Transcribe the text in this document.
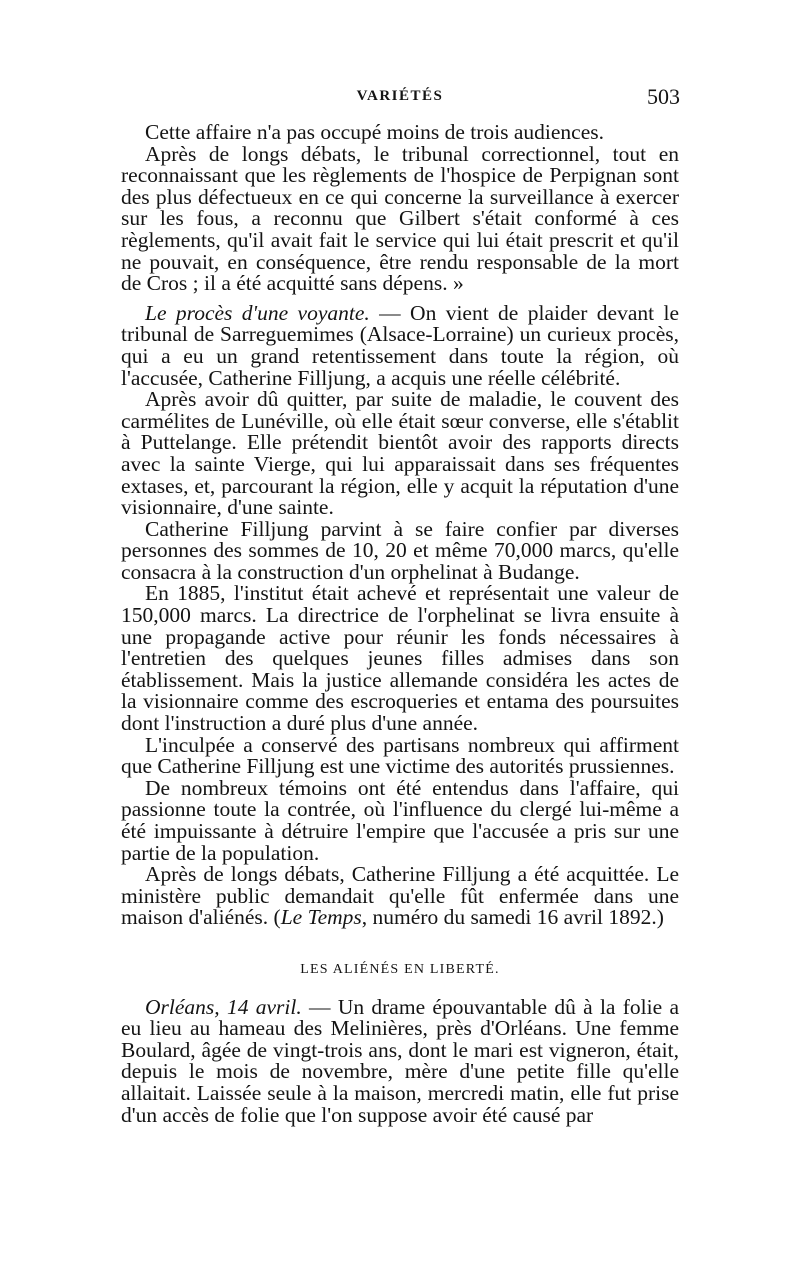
VARIÉTÉS	503

Cette affaire n'a pas occupé moins de trois audiences.

Après de longs débats, le tribunal correctionnel, tout en reconnaissant que les règlements de l'hospice de Perpignan sont des plus défectueux en ce qui concerne la surveillance à exercer sur les fous, a reconnu que Gilbert s'était conformé à ces règlements, qu'il avait fait le service qui lui était prescrit et qu'il ne pouvait, en conséquence, être rendu responsable de la mort de Cros ; il a été acquitté sans dépens. »

Le procès d'une voyante. — On vient de plaider devant le tribunal de Sarreguemimes (Alsace-Lorraine) un curieux procès, qui a eu un grand retentissement dans toute la région, où l'accusée, Catherine Filljung, a acquis une réelle célébrité.

Après avoir dû quitter, par suite de maladie, le couvent des carmélites de Lunéville, où elle était sœur converse, elle s'établit à Puttelange. Elle prétendit bientôt avoir des rapports directs avec la sainte Vierge, qui lui apparaissait dans ses fréquentes extases, et, parcourant la région, elle y acquit la réputation d'une visionnaire, d'une sainte.

Catherine Filljung parvint à se faire confier par diverses personnes des sommes de 10, 20 et même 70,000 marcs, qu'elle consacra à la construction d'un orphelinat à Budange.

En 1885, l'institut était achevé et représentait une valeur de 150,000 marcs. La directrice de l'orphelinat se livra ensuite à une propagande active pour réunir les fonds nécessaires à l'entretien des quelques jeunes filles admises dans son établissement. Mais la justice allemande considéra les actes de la visionnaire comme des escroqueries et entama des poursuites dont l'instruction a duré plus d'une année.

L'inculpée a conservé des partisans nombreux qui affirment que Catherine Filljung est une victime des autorités prussiennes.

De nombreux témoins ont été entendus dans l'affaire, qui passionne toute la contrée, où l'influence du clergé lui-même a été impuissante à détruire l'empire que l'accusée a pris sur une partie de la population.

Après de longs débats, Catherine Filljung a été acquittée. Le ministère public demandait qu'elle fût enfermée dans une maison d'aliénés. (Le Temps, numéro du samedi 16 avril 1892.)

LES ALIÉNÉS EN LIBERTÉ.

Orléans, 14 avril. — Un drame épouvantable dû à la folie a eu lieu au hameau des Melinières, près d'Orléans. Une femme Boulard, âgée de vingt-trois ans, dont le mari est vigneron, était, depuis le mois de novembre, mère d'une petite fille qu'elle allaitait. Laissée seule à la maison, mercredi matin, elle fut prise d'un accès de folie que l'on suppose avoir été causé par
